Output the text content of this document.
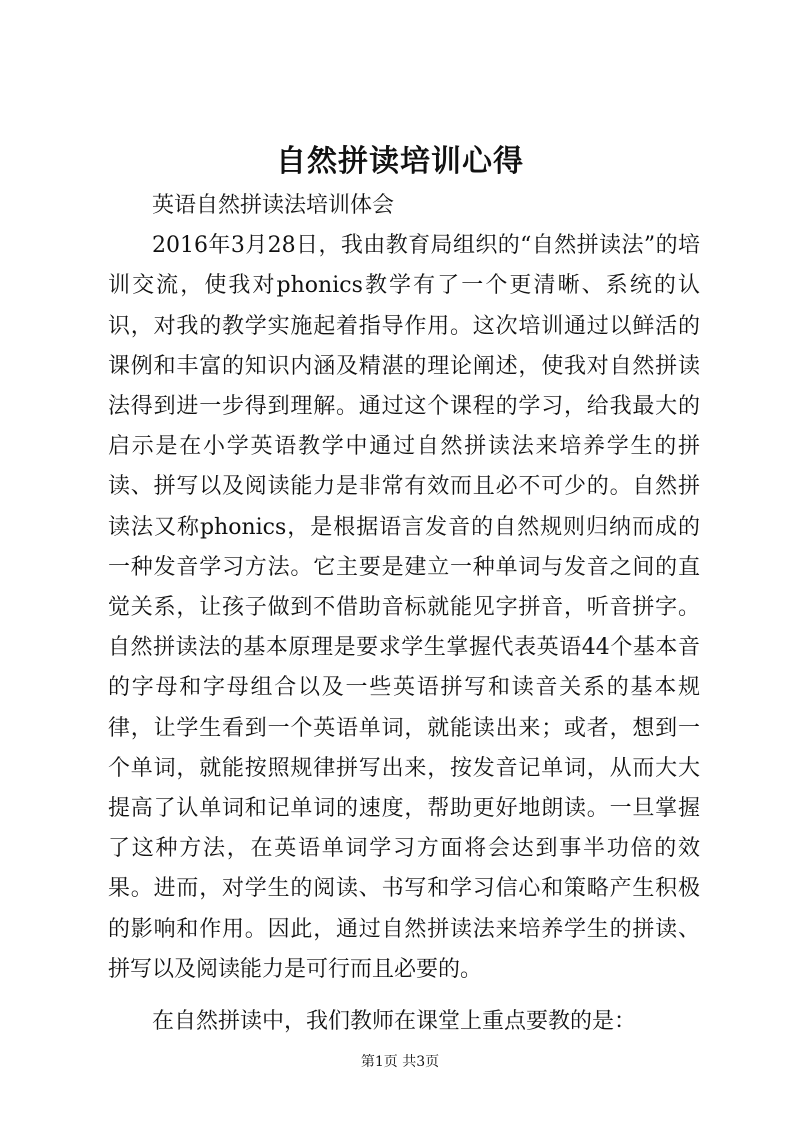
自然拼读培训心得

英语自然拼读法培训体会

2016年3月28日，我由教育局组织的“自然拼读法”的培训交流，使我对phonics教学有了一个更清晰、系统的认识，对我的教学实施起着指导作用。这次培训通过以鲜活的课例和丰富的知识内涵及精湛的理论阐述，使我对自然拼读法得到进一步得到理解。通过这个课程的学习，给我最大的启示是在小学英语教学中通过自然拼读法来培养学生的拼读、拼写以及阅读能力是非常有效而且必不可少的。自然拼读法又称phonics，是根据语言发音的自然规则归纳而成的一种发音学习方法。它主要是建立一种单词与发音之间的直觉关系，让孩子做到不借助音标就能见字拼音，听音拼字。自然拼读法的基本原理是要求学生掌握代表英语44个基本音的字母和字母组合以及一些英语拼写和读音关系的基本规律，让学生看到一个英语单词，就能读出来；或者，想到一个单词，就能按照规律拼写出来，按发音记单词，从而大大提高了认单词和记单词的速度，帮助更好地朗读。一旦掌握了这种方法，在英语单词学习方面将会达到事半功倍的效果。进而，对学生的阅读、书写和学习信心和策略产生积极的影响和作用。因此，通过自然拼读法来培养学生的拼读、拼写以及阅读能力是可行而且必要的。

在自然拼读中，我们教师在课堂上重点要教的是：

第1页 共3页
